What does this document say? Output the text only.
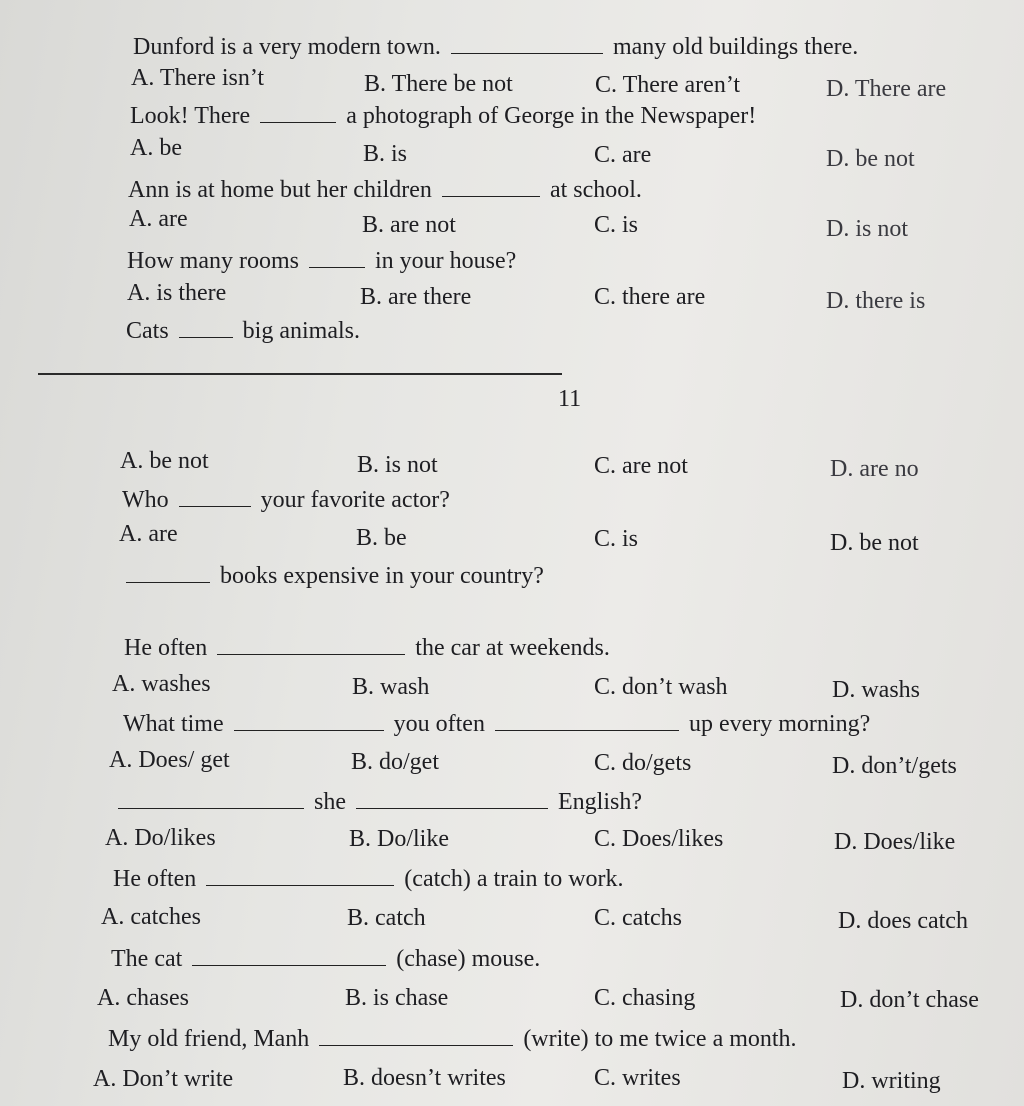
Dunford is a very modern town.	many old buildings there.
A. There isn’t	B. There be not	C. There aren’t	D. There are
Look! There	a photograph of George in the Newspaper!
A. be	B. is	C. are	D. be not
Ann is at home but her children	at school.
A. are	B. are not	C. is	D. is not
How many rooms	in your house?
A. is there	B. are there	C. there are	D. there is
Cats	big animals.
11
A. be not	B. is not	C. are not	D. are no
Who	your favorite actor?
A. are	B. be	C. is	D. be not
books expensive in your country?
He often	the car at weekends.
A. washes	B. wash	C. don’t wash	D. washs
What time	you often	up every morning?
A. Does/ get	B. do/get	C. do/gets	D. don’t/gets
she	English?
A. Do/likes	B. Do/like	C. Does/likes	D. Does/like
He often	(catch) a train to work.
A. catches	B. catch	C. catchs	D. does catch
The cat	(chase) mouse.
A. chases	B. is chase	C. chasing	D. don’t chase
My old friend, Manh	(write) to me twice a month.
A. Don’t write	B. doesn’t writes	C. writes	D. writing
